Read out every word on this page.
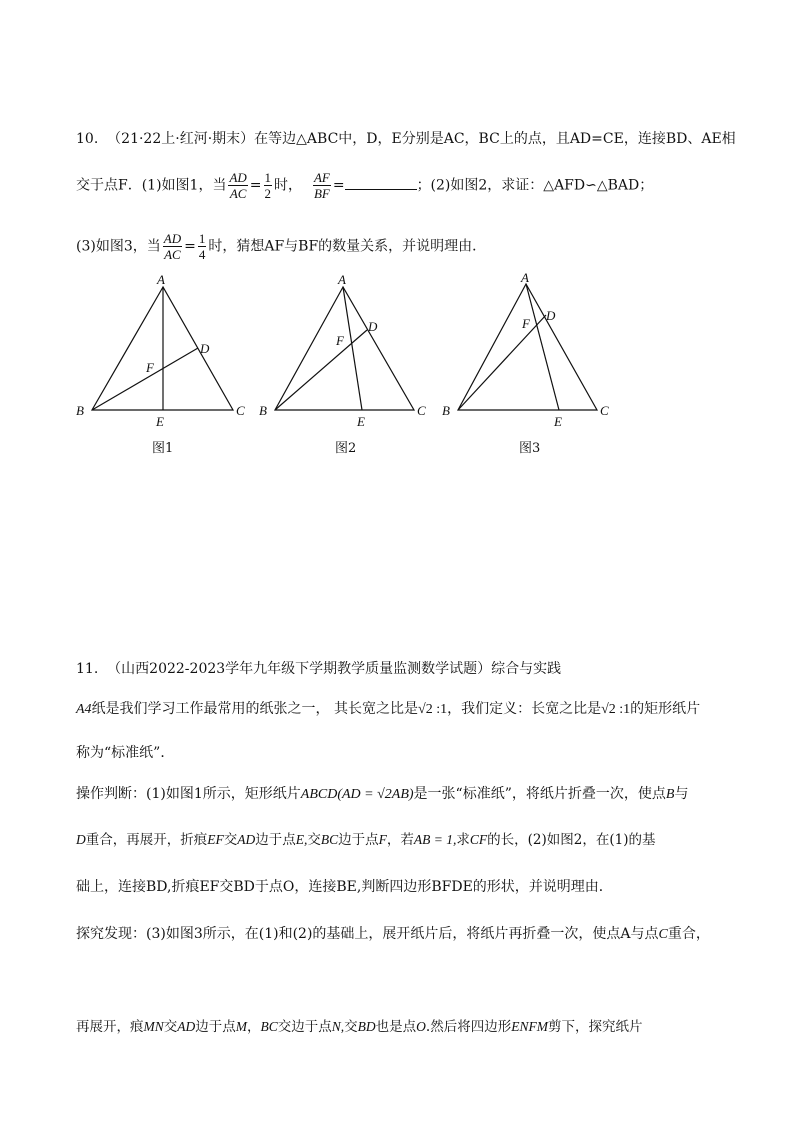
10. （21·22上·红河·期末）在等边△ABC中，D，E分别是AC，BC上的点，且AD=CE，连接BD、AE相
交于点F．(1)如图1，当 $\frac{AD}{AC} = \frac{1}{2}$ 时， $\frac{AF}{BF}$ =	；(2)如图2，求证：△AFD∽△BAD；
(3)如图3，当 $\frac{AD}{AC} = \frac{1}{4}$ 时，猜想AF与BF的数量关系，并说明理由．
A
B	C
D
E
F
A
B	C
D
E
F
A
B	C
D
E
F
图1	图2	图3
11. （山西2022-2023学年九年级下学期教学质量监测数学试题）综合与实践
A4纸是我们学习工作最常用的纸张之一， 其长宽之比是√2 :1，我们定义：长宽之比是√2 :1的矩形纸片
称为“标准纸”．
操作判断：(1)如图1所示，矩形纸片ABCD(AD = √2AB)是一张“标准纸”，将纸片折叠一次，使点B与
D重合，再展开，折痕EF交AD边于点E,交BC边于点F，若AB = 1,求CF的长，(2)如图2，在(1)的基
础上，连接BD,折痕EF交BD于点O，连接BE,判断四边形BFDE的形状，并说明理由．
探究发现：(3)如图3所示，在(1)和(2)的基础上，展开纸片后，将纸片再折叠一次，使点A与点C重合，
再展开，痕MN交AD边于点M，BC交边于点N,交BD也是点O.然后将四边形ENFM剪下，探究纸片
